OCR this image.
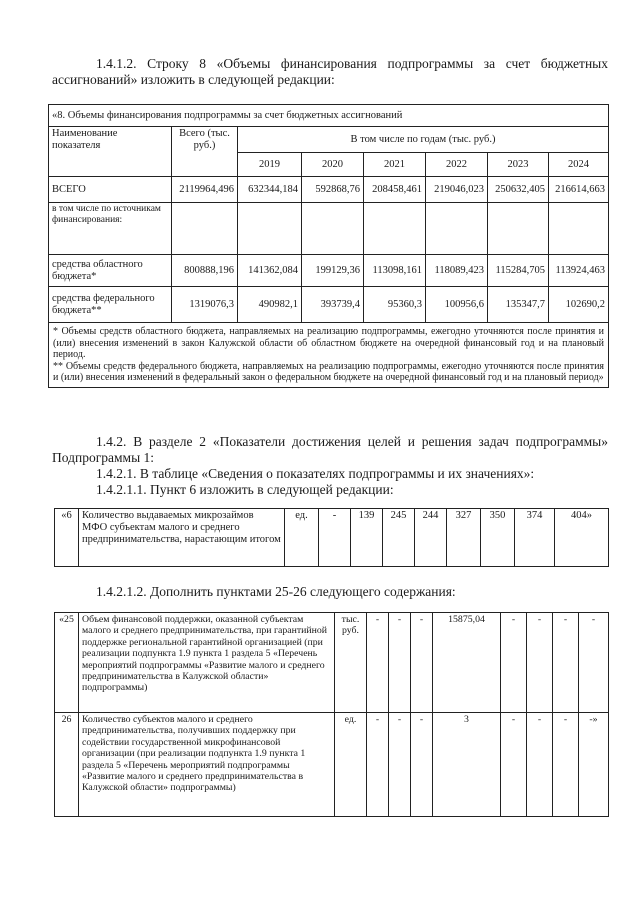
1.4.1.2. Строку 8 «Объемы финансирования подпрограммы за счет бюджетных ассигнований» изложить в следующей редакции:

«8. Объемы финансирования подпрограммы за счет бюджетных ассигнований							
Наименование показателя	Всего (тыс. руб.)	В том числе по годам (тыс. руб.)					
		2019	2020	2021	2022	2023	2024
ВСЕГО	2119964,496	632344,184	592868,76	208458,461	219046,023	250632,405	216614,663
в том числе по источникам финансирования:							
средства областного бюджета*	800888,196	141362,084	199129,36	113098,161	118089,423	115284,705	113924,463
средства федерального бюджета**	1319076,3	490982,1	393739,4	95360,3	100956,6	135347,7	102690,2

* Объемы средств областного бюджета, направляемых на реализацию подпрограммы, ежегодно уточняются после принятия и (или) внесения изменений в закон Калужской области об областном бюджете на очередной финансовый год и на плановый период.
** Объемы средств федерального бюджета, направляемых на реализацию подпрограммы, ежегодно уточняются после принятия и (или) внесения изменений в федеральный закон о федеральном бюджете на очередной финансовый год и на плановый период»							

1.4.2. В разделе 2 «Показатели достижения целей и решения задач подпрограммы» Подпрограммы 1:

1.4.2.1. В таблице «Сведения о показателях подпрограммы и их значениях»:

1.4.2.1.1. Пункт 6 изложить в следующей редакции:

«6	Количество выдаваемых микрозаймов МФО субъектам малого и среднего предпринимательства, нарастающим итогом	ед.	-	139	245	244	327	350	374	404»

1.4.2.1.2. Дополнить пунктами 25-26 следующего содержания:

«25	Объем финансовой поддержки, оказанной субъектам малого и среднего предпринимательства, при гарантийной поддержке региональной гарантийной организацией (при реализации подпункта 1.9 пункта 1 раздела 5 «Перечень мероприятий подпрограммы «Развитие малого и среднего предпринимательства в Калужской области» подпрограммы)	тыс. руб.	-	-	-	15875,04	-	-	-	-
26	Количество субъектов малого и среднего предпринимательства, получивших поддержку при содействии государственной микрофинансовой организации (при реализации подпункта 1.9 пункта 1 раздела 5 «Перечень мероприятий подпрограммы «Развитие малого и среднего предпринимательства в Калужской области» подпрограммы)	ед.	-	-	-	3	-	-	-	-»
